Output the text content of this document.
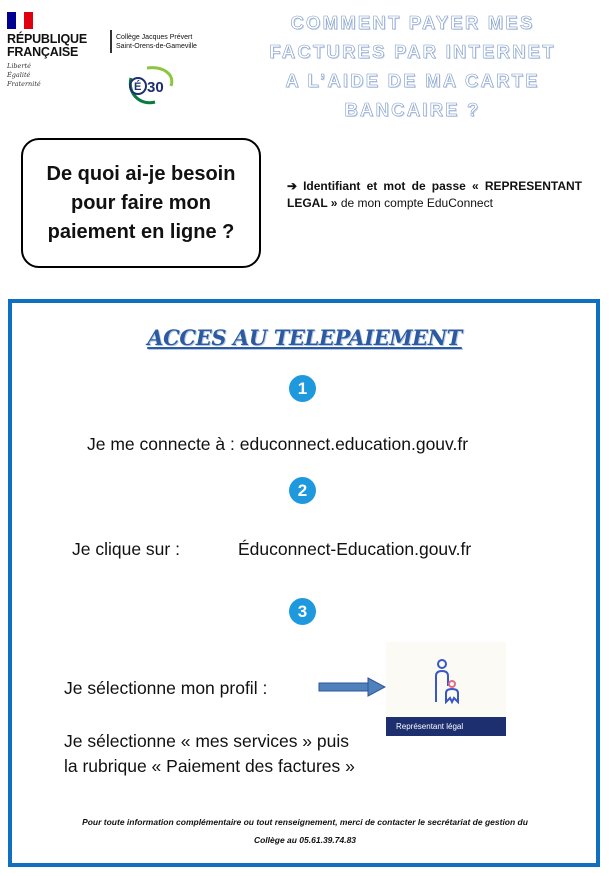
RÉPUBLIQUE
FRANÇAISE
Liberté
Égalité
Fraternité
Collège Jacques Prévert
Saint-Orens-de-Gameville
É 30
COMMENT PAYER MES
FACTURES PAR INTERNET
A L’AIDE DE MA CARTE
BANCAIRE ?
De quoi ai-je besoin
pour faire mon
paiement en ligne ?
➔ Identifiant et mot de passe « REPRESENTANT LEGAL » de mon compte EduConnect
ACCES AU TELEPAIEMENT
1
Je me connecte à : educonnect.education.gouv.fr
2
Je clique sur :	Éduconnect-Education.gouv.fr
3
Je sélectionne mon profil :
Je sélectionne « mes services » puis la rubrique « Paiement des factures »
Représentant légal
Pour toute information complémentaire ou tout renseignement, merci de contacter le secrétariat de gestion du
Collège au 05.61.39.74.83
